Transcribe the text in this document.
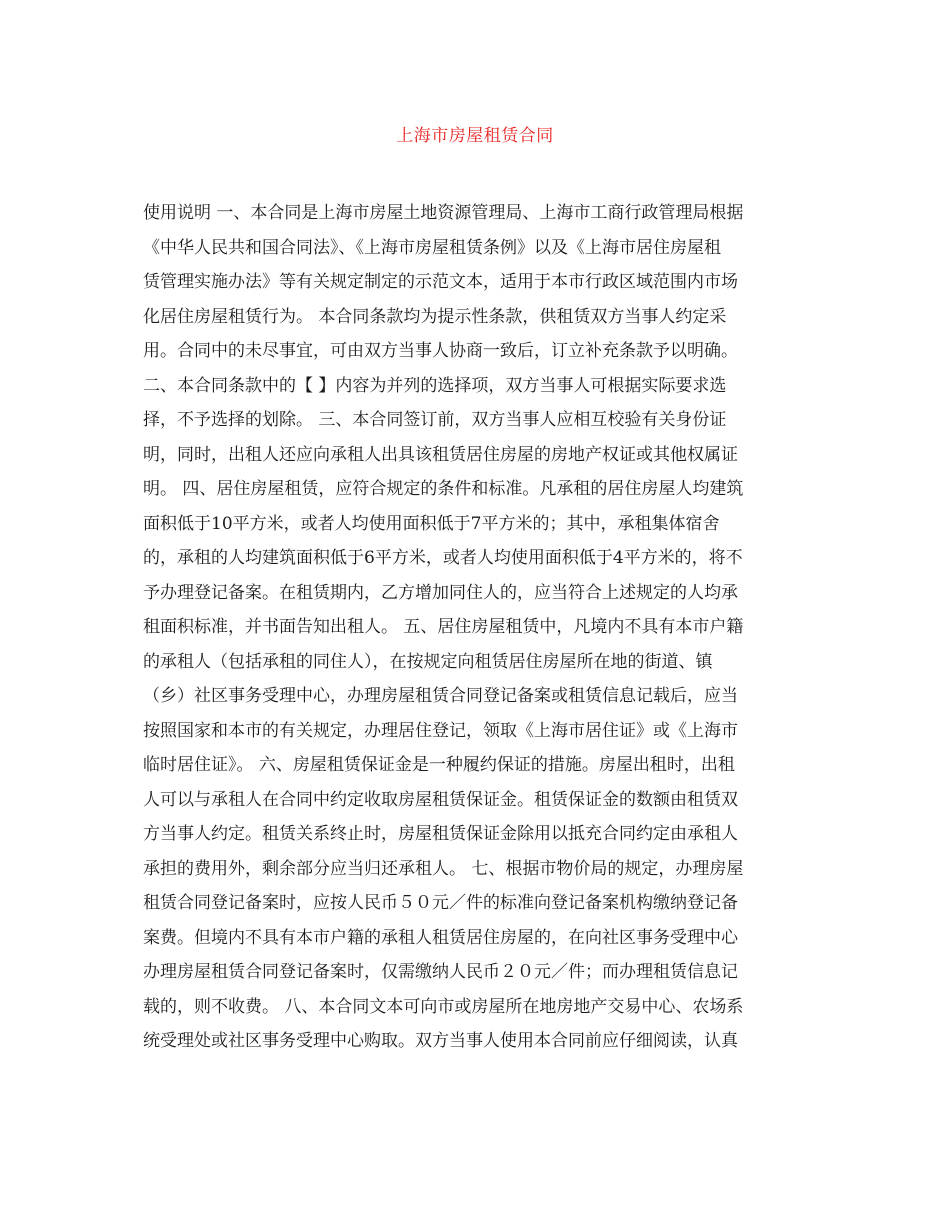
上海市房屋租赁合同
使用说明 一、本合同是上海市房屋土地资源管理局、上海市工商行政管理局根据
《中华人民共和国合同法》、《上海市房屋租赁条例》以及《上海市居住房屋租
赁管理实施办法》等有关规定制定的示范文本，适用于本市行政区域范围内市场
化居住房屋租赁行为。 本合同条款均为提示性条款，供租赁双方当事人约定采
用。合同中的未尽事宜，可由双方当事人协商一致后，订立补充条款予以明确。
二、本合同条款中的【 】内容为并列的选择项，双方当事人可根据实际要求选
择，不予选择的划除。 三、本合同签订前，双方当事人应相互校验有关身份证
明，同时，出租人还应向承租人出具该租赁居住房屋的房地产权证或其他权属证
明。 四、居住房屋租赁，应符合规定的条件和标准。凡承租的居住房屋人均建筑
面积低于10平方米，或者人均使用面积低于7平方米的；其中，承租集体宿舍
的，承租的人均建筑面积低于6平方米，或者人均使用面积低于4平方米的，将不
予办理登记备案。在租赁期内，乙方增加同住人的，应当符合上述规定的人均承
租面积标准，并书面告知出租人。 五、居住房屋租赁中，凡境内不具有本市户籍
的承租人（包括承租的同住人），在按规定向租赁居住房屋所在地的街道、镇
（乡）社区事务受理中心，办理房屋租赁合同登记备案或租赁信息记载后，应当
按照国家和本市的有关规定，办理居住登记，领取《上海市居住证》或《上海市
临时居住证》。 六、房屋租赁保证金是一种履约保证的措施。房屋出租时，出租
人可以与承租人在合同中约定收取房屋租赁保证金。租赁保证金的数额由租赁双
方当事人约定。租赁关系终止时，房屋租赁保证金除用以抵充合同约定由承租人
承担的费用外，剩余部分应当归还承租人。 七、根据市物价局的规定，办理房屋
租赁合同登记备案时，应按人民币５０元／件的标准向登记备案机构缴纳登记备
案费。但境内不具有本市户籍的承租人租赁居住房屋的，在向社区事务受理中心
办理房屋租赁合同登记备案时，仅需缴纳人民币２０元／件；而办理租赁信息记
载的，则不收费。 八、本合同文本可向市或房屋所在地房地产交易中心、农场系
统受理处或社区事务受理中心购取。双方当事人使用本合同前应仔细阅读，认真
